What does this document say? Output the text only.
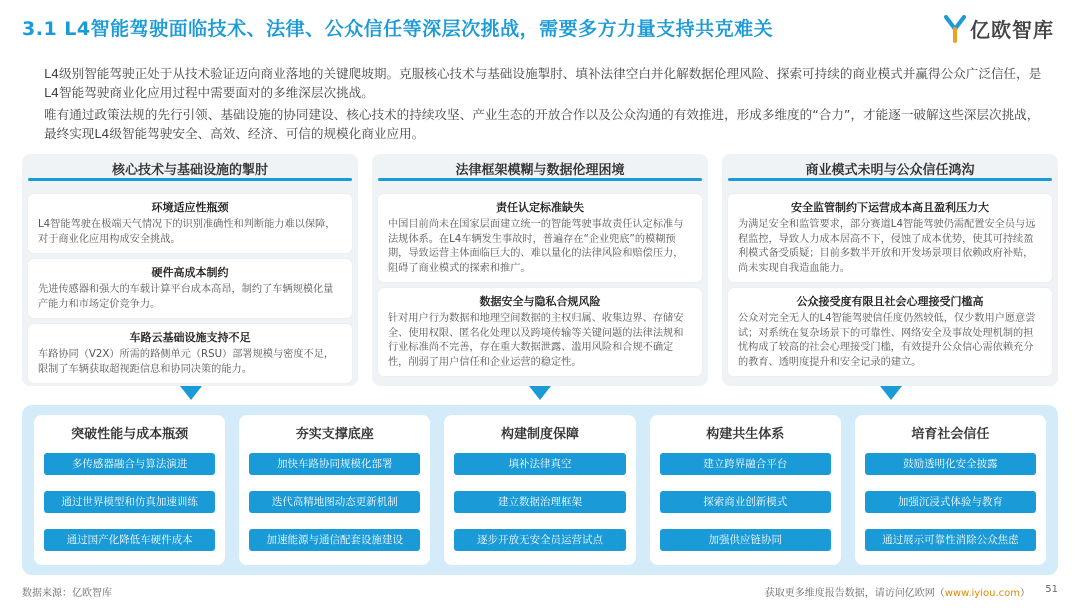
3.1 L4智能驾驶面临技术、法律、公众信任等深层次挑战，需要多方力量支持共克难关	亿欧智库

L4级别智能驾驶正处于从技术验证迈向商业落地的关键爬坡期。克服核心技术与基础设施掣肘、填补法律空白并化解数据伦理风险、探索可持续的商业模式并赢得公众广泛信任，是L4智能驾驶商业化应用过程中需要面对的多维深层次挑战。

唯有通过政策法规的先行引领、基础设施的协同建设、核心技术的持续攻坚、产业生态的开放合作以及公众沟通的有效推进，形成多维度的“合力”，才能逐一破解这些深层次挑战，最终实现L4级智能驾驶安全、高效、经济、可信的规模化商业应用。

核心技术与基础设施的掣肘
环境适应性瓶颈
L4智能驾驶在极端天气情况下的识别准确性和判断能力难以保障，对于商业化应用构成安全挑战。
硬件高成本制约
先进传感器和强大的车载计算平台成本高昂，制约了车辆规模化量产能力和市场定价竞争力。
车路云基础设施支持不足
车路协同（V2X）所需的路侧单元（RSU）部署规模与密度不足，限制了车辆获取超视距信息和协同决策的能力。
法律框架模糊与数据伦理困境
责任认定标准缺失
中国目前尚未在国家层面建立统一的智能驾驶事故责任认定标准与法规体系。在L4车辆发生事故时，普遍存在“企业兜底”的模糊预期，导致运营主体面临巨大的、难以量化的法律风险和赔偿压力，阻碍了商业模式的探索和推广。
数据安全与隐私合规风险
针对用户行为数据和地理空间数据的主权归属、收集边界、存储安全、使用权限、匿名化处理以及跨境传输等关键问题的法律法规和行业标准尚不完善，存在重大数据泄露、滥用风险和合规不确定性，削弱了用户信任和企业运营的稳定性。
商业模式未明与公众信任鸿沟
安全监管制约下运营成本高且盈利压力大
为满足安全和监管要求，部分赛道L4智能驾驶仍需配置安全员与远程监控，导致人力成本居高不下，侵蚀了成本优势，使其可持续盈利模式备受质疑；目前多数半开放和开发场景项目依赖政府补贴，尚未实现自我造血能力。
公众接受度有限且社会心理接受门槛高
公众对完全无人的L4智能驾驶信任度仍然较低，仅少数用户愿意尝试；对系统在复杂场景下的可靠性、网络安全及事故处理机制的担忧构成了较高的社会心理接受门槛，有效提升公众信心需依赖充分的教育、透明度提升和安全记录的建立。
突破性能与成本瓶颈
多传感器融合与算法演进
通过世界模型和仿真加速训练
通过国产化降低车硬件成本
夯实支撑底座
加快车路协同规模化部署
迭代高精地图动态更新机制
加速能源与通信配套设施建设
构建制度保障
填补法律真空
建立数据治理框架
逐步开放无安全员运营试点
构建共生体系
建立跨界融合平台
探索商业创新模式
加强供应链协同
培育社会信任
鼓励透明化安全披露
加强沉浸式体验与教育
通过展示可靠性消除公众焦虑
数据来源：亿欧智库	获取更多维度报告数据，请访问亿欧网（www.iyiou.com） 51
